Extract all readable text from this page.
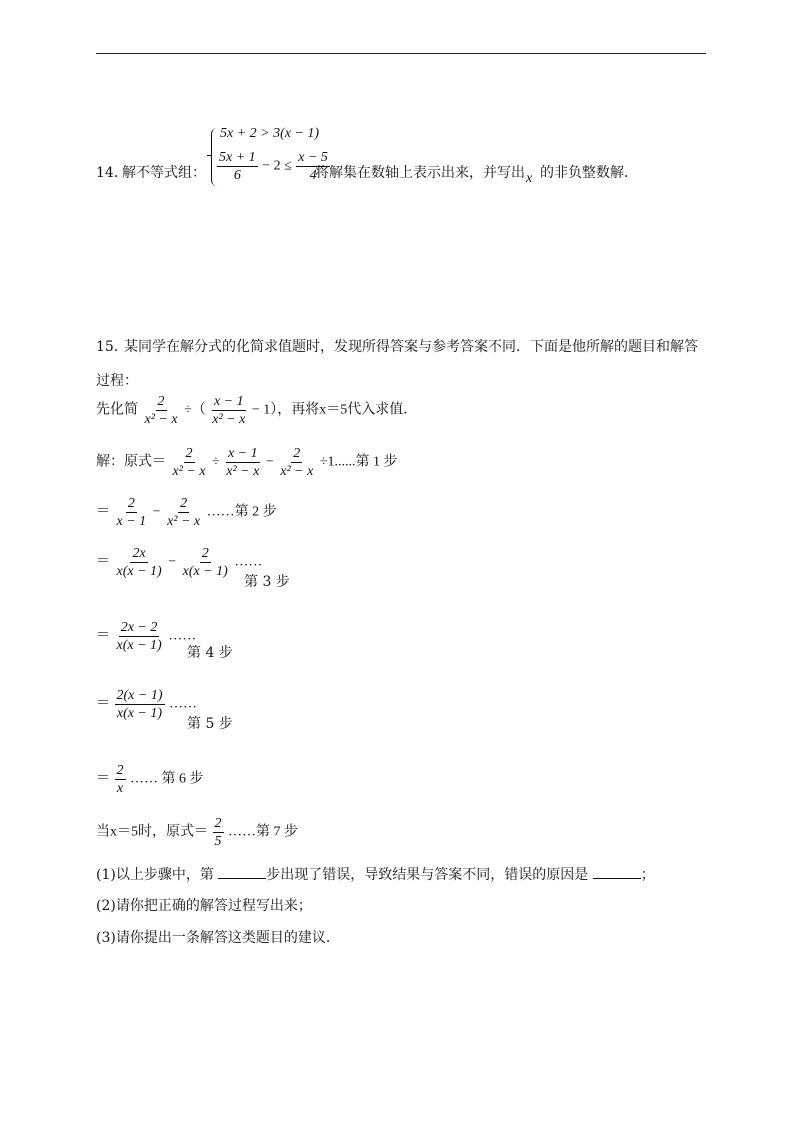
14．
解不等式组：
5x + 2 > 3(x − 1)
$\frac{5x + 1}{6} - 2 \le \frac{x - 5}{4}$
将解集在数轴上表示出来，并写出 x 的非负整数解．
15．
某同学在解分式的化简求值题时，发现所得答案与参考答案不同．下面是他所解的题目和解答
过程：
先化简 $\frac{2}{\text{x² − x}}$ ÷（ $\frac{x - 1}{\text{x² − x}} - 1$），再将x＝5代入求值．
解：原式＝ $\frac{2}{\text{x² − x}} \div \frac{x - 1}{\text{x² − x}} - \frac{2}{\text{x² − x}} \div 1$......第 1 步
＝ $\frac{2}{x - 1} - \frac{2}{\text{x² − x}}$ ……第 2 步
＝ $\frac{2x}{x(x - 1)} - \frac{2}{x(x - 1)}$ ……
第 3 步
＝ $\frac{2x - 2}{x(x - 1)}$ ……
第 4 步
＝ $\frac{2(x - 1)}{x(x - 1)}$ ……
第 5 步
＝ $\frac{2}{x}$ …… 第 6 步
当x＝5时，原式＝ $\frac{2}{5}$ ……第 7 步
(1)以上步骤中，第	步出现了错误，导致结果与答案不同，错误的原因是	；
(2)请你把正确的解答过程写出来；
(3)请你提出一条解答这类题目的建议．
